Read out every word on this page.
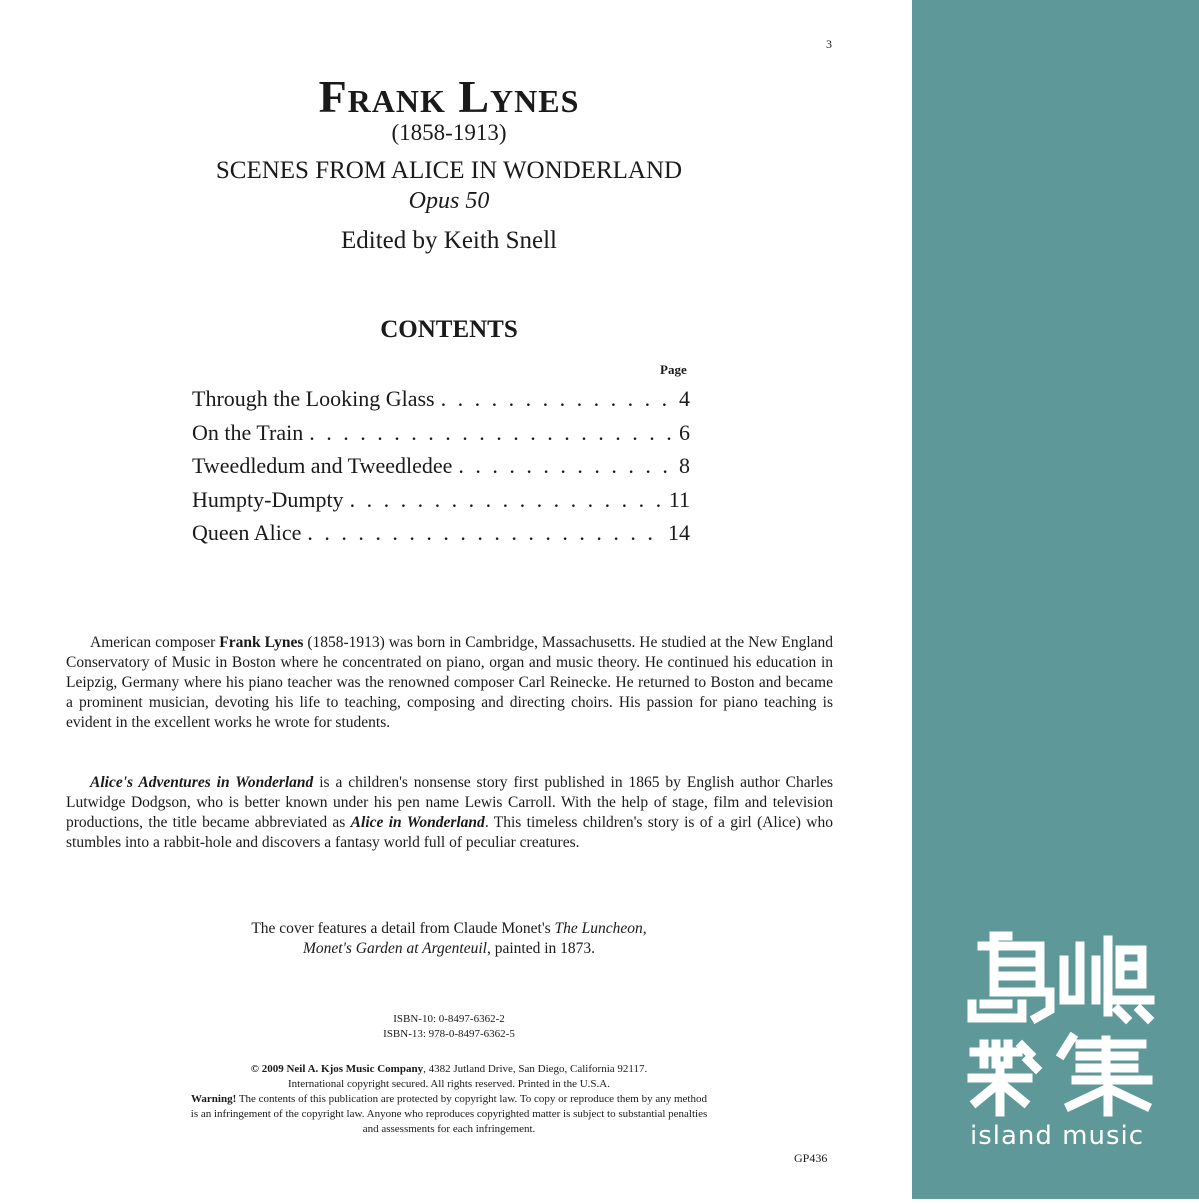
3
Frank Lynes
(1858-1913)
SCENES FROM ALICE IN WONDERLAND
Opus 50
Edited by Keith Snell
CONTENTS
Page
Through the Looking Glass . . .	4
On the Train . . .	6
Tweedledum and Tweedledee . . .	8
Humpty-Dumpty . . .	11
Queen Alice . . .	14
American composer Frank Lynes (1858-1913) was born in Cambridge, Massachusetts. He studied at the New England Conservatory of Music in Boston where he concentrated on piano, organ and music theory. He continued his education in Leipzig, Germany where his piano teacher was the renowned composer Carl Reinecke. He returned to Boston and became a prominent musician, devoting his life to teaching, composing and directing choirs. His passion for piano teaching is evident in the excellent works he wrote for students.
Alice's Adventures in Wonderland is a children's nonsense story first published in 1865 by English author Charles Lutwidge Dodgson, who is better known under his pen name Lewis Carroll. With the help of stage, film and television productions, the title became abbreviated as Alice in Wonderland. This timeless children's story is of a girl (Alice) who stumbles into a rabbit-hole and discovers a fantasy world full of peculiar creatures.
The cover features a detail from Claude Monet's The Luncheon,
Monet's Garden at Argenteuil, painted in 1873.
ISBN-10: 0-8497-6362-2
ISBN-13: 978-0-8497-6362-5
© 2009 Neil A. Kjos Music Company, 4382 Jutland Drive, San Diego, California 92117.
International copyright secured. All rights reserved. Printed in the U.S.A.
Warning! The contents of this publication are protected by copyright law. To copy or reproduce them by any method
is an infringement of the copyright law. Anyone who reproduces copyrighted matter is subject to substantial penalties
and assessments for each infringement.
GP436
island music
